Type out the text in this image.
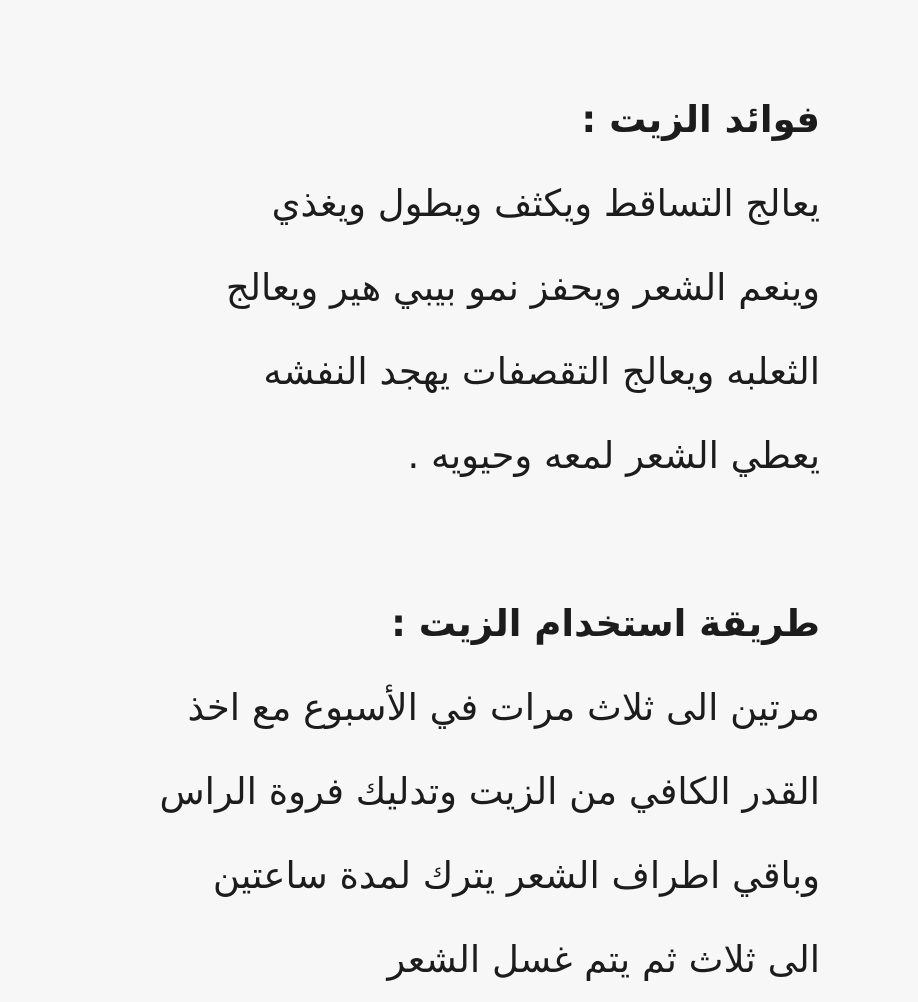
فوائد الزيت :

يعالج التساقط ويكثف ويطول ويغذي

وينعم الشعر ويحفز نمو بيبي هير ويعالج

الثعلبه ويعالج التقصفات يهجد النفشه

يعطي الشعر لمعه وحيويه .

طريقة استخدام الزيت :

مرتين الى ثلاث مرات في الأسبوع مع اخذ

القدر الكافي من الزيت وتدليك فروة الراس

وباقي اطراف الشعر يترك لمدة ساعتين

الى ثلاث ثم يتم غسل الشعر
